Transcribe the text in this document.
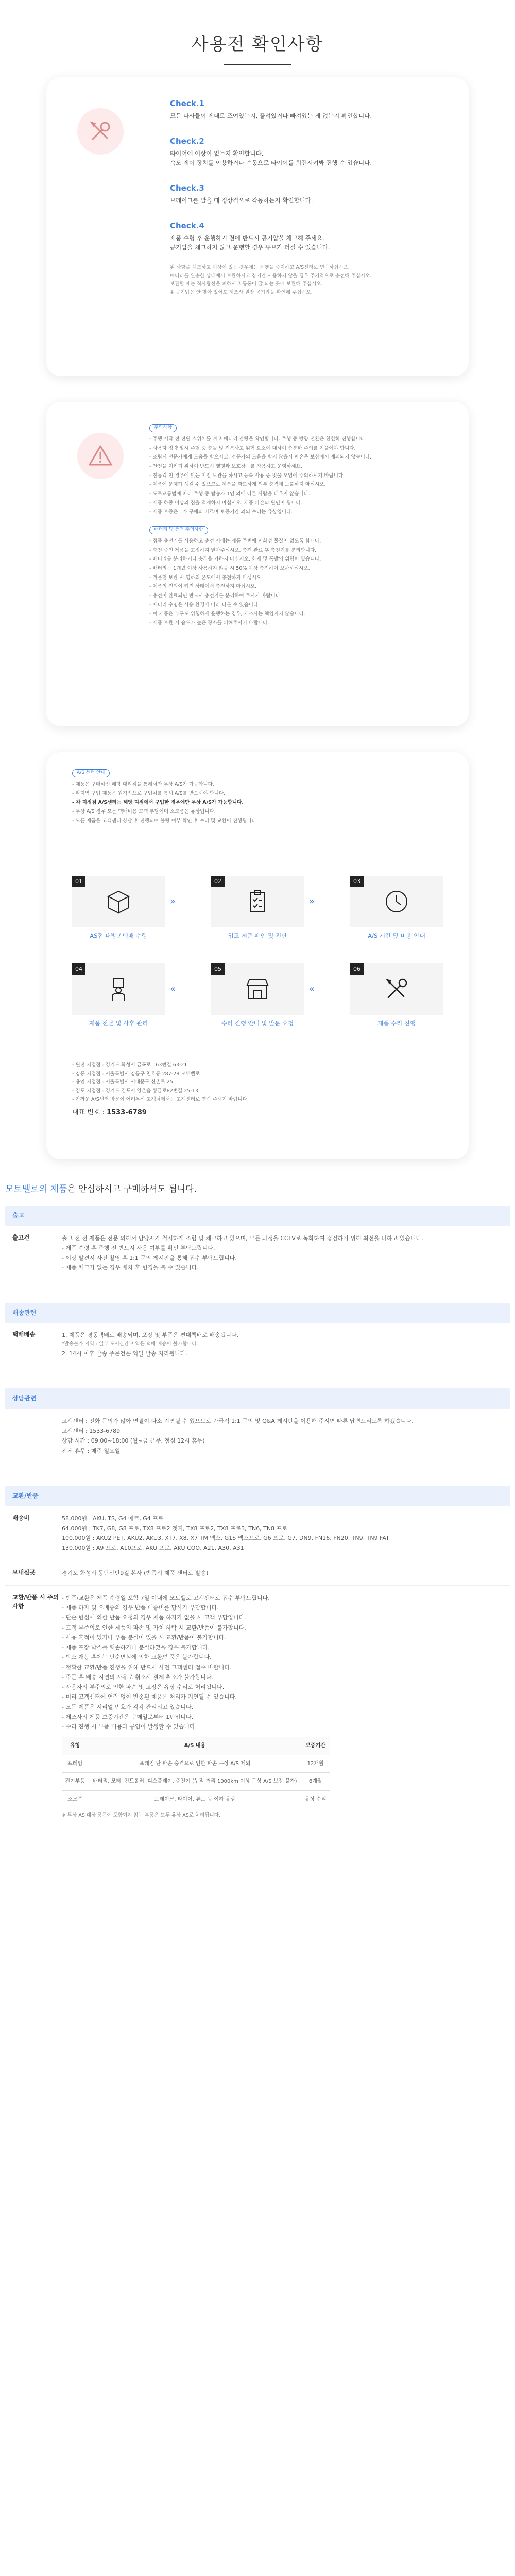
사용전 확인사항
Check.1

모든 나사들이 제대로 조여있는지, 풀려있거나 빠져있는 게 없는지 확인합니다.

Check.2

타이어에 이상이 없는지 확인합니다.
속도 제어 장치를 이용하거나 수동으로 타이어를 회전시켜봐 진행 수 있습니다.

Check.3

브레이크를 발을 때 정상적으로 작동하는지 확인합니다.

Check.4

제품 수령 후 운행하기 전에 반드시 공기압을 체크해 주세요.
공기압을 체크하지 않고 운행할 경우 튜브가 터질 수 있습니다.

위 사항을 체크하고 이상이 있는 경우에는 운행을 중지하고 A/S센터로 연락하십시오.
배터리를 완충한 상태에서 보관하시고 장기간 사용하지 않을 경우 주기적으로 충전해 주십시오.
보관할 때는 직사광선을 피하시고 통풍이 잘 되는 곳에 보관해 주십시오.
※ 공기압은 안 맞아 있어도 제조사 권장 공기압을 확인해 주십시오.
주의사항
- 주행 시작 전 전원 스위치를 켜고 배터리 잔량을 확인합니다. 주행 중 방향 전환은 천천히 진행합니다.
- 사용자 정량 일시 주행 중 충돌 및 전복사고 위험 요소에 대하여 충분한 주의를 기울여야 합니다.
- 조립시 전문가에게 도움을 받으시고, 전문가의 도움을 받지 않을시 파손은 보상에서 제외되지 않습니다.
- 안전을 지키기 위하여 반드시 헬멧과 보호장구를 착용하고 운행하세요.
- 전동킥 인 경우에 맞는 지점 보관을 하시고 등속 사용 중 빗물 오염에 주의하시기 바랍니다.
- 제품에 문제가 생길 수 있으므로 제품을 과도하게 외부 충격에 노출하지 마십시오.
- 도로교통법에 따라 주행 중 탑승자 1인 외에 다른 사람을 태우지 않습니다.
- 제품 하중 이상의 짐을 적재하지 마십시오. 제품 파손의 원인이 됩니다.
- 제품 보증은 1가 구매의 따르며 보증기간 외의 수리는 유상입니다.
배터리 및 충전 주의사항
- 정품 충전기를 사용하고 충전 시에는 제품 주변에 인화성 물질이 없도록 합니다.
- 충전 중인 제품을 고정하지 말아주십시오. 충전 완료 후 충전기를 분리합니다.
- 배터리를 분리하거나 충격을 가하지 마십시오. 화재 및 폭발의 위험이 있습니다.
- 배터리는 1개월 이상 사용하지 않을 시 50% 이상 충전하여 보관하십시오.
- 겨울철 보관 시 영하의 온도에서 충전하지 마십시오.
- 제품의 전원이 켜진 상태에서 충전하지 마십시오.
- 충전이 완료되면 반드시 충전기를 분리하여 주시기 바랍니다.
- 배터리 수명은 사용 환경에 따라 다를 수 있습니다.
- 이 제품은 누구도 위험하게 운행하는 경우, 제조사는 책임지지 않습니다.
- 제품 보관 시 습도가 높은 장소를 피해주시기 바랍니다.
A/S 센터 안내
- 제품은 구매하신 해당 대리점을 통해서만 무상 A/S가 가능합니다.
- 타지역 구입 제품은 원칙적으로 구입처를 통해 A/S를 받으셔야 합니다.
- 각 지정점 A/S센터는 해당 지점에서 구입한 경우에만 무상 A/S가 가능합니다.
- 무상 A/S 경우 모든 택배비용 고객 부담이며 소모품은 유상입니다.
- 모든 제품은 고객센터 상담 후 진행되며 불량 여부 확인 후 수리 및 교환이 진행됩니다.
01
AS접 내방 / 택배 수령
»
02
입고 제품 확인 및 진단
»
03
A/S 시간 및 비용 안내
04
제품 전달 및 사후 관리
«
05
수리 진행 안내 및 발문 요청
«
06
제품 수리 진행
- 원전 지정점 : 경기도 화성시 금곡로 163번길 63-21
- 강동 지정점 : 서울특별시 강동구 천호동 287-28 모토벨로
- 용인 지정점 : 서울특별시 서대문구 신촌로 25
- 김포 지정점 : 경기도 김포시 양촌읍 황금로82번길 25-13
- 가까운 A/S센터 방문이 어려우신 고객님께서는 고객센터로 연락 주시기 바랍니다.
대표 번호 : 1533-6789
모토벨로의 제품은 안심하시고 구매하셔도 됩니다.
출고
출고건	출고 전 전 제품은 전문 의해서 담당자가 철저하게 조립 및 체크하고 있으며, 모든 과정을 CCTV로 녹화하여 점검하기 위해 최선을 다하고 있습니다.
- 제품 수령 후 주행 전 반드시 사용 여부를 확인 부탁드립니다.
- 이상 발견시 사진 촬영 후 1:1 문의 게시판을 통해 접수 부탁드립니다.
- 제품 체크가 없는 경우 배차 후 변경을 불 수 있습니다.
배송관련
택배배송	1. 제품은 경동택배로 배송되며, 포장 및 부품은 편대책배로 배송됩니다.
*발송불가 지역 : 일부 도서산간 지역은 택배 배송이 불가합니다.
2. 14시 이후 발송 주문건은 익일 발송 처리됩니다.
상담관련
고객센터 : 전화 문의가 많아 연결이 다소 지연될 수 있으므로 가급적 1:1 문의 및 Q&A 게시판을 이용해 주시면 빠른 답변드리도록 하겠습니다.
고객센터 : 1533-6789
상담 시간 : 09:00~18:00 (월~금 근무, 점심 12시 휴무)
전체 휴무 : 매주 일요일
교환/반품
배송비	58,000원 : AKU, TS, G4 에코, G4 프로
64,000원 : TK7, G8, G8 프로, TX8 프로2 엣지, TX8 프로2, TX8 프로3, TN6, TN8 프로
100,000원 : AKU2 PET, AKU2, AKU3, XT7, X8, X7 TM 엑스, G1S 엑스프로, G6 프로, G7, DN9, FN16, FN20, TN9, TN9 FAT
130,000원 : A9 프로, A10프로, AKU 프로, AKU COO, A21, A30, A31
보내실곳	경기도 화성시 동탄산단9길 본사 (반품시 제품 센터로 발송)
교환/반품 시 주의 사항
- 반품/교환은 제품 수령일 포함 7일 이내에 모토벨로 고객센터로 접수 부탁드립니다.
- 제품 하자 및 오배송의 경우 반품 배송비를 당사가 부담합니다.
- 단순 변심에 의한 반품 요청의 경우 제품 하자가 없을 시 고객 부담입니다.
- 고객 부주의로 인한 제품의 파손 및 가치 하락 시 교환/반품이 불가합니다.
- 사용 흔적이 있거나 부품 분실이 있을 시 교환/반품이 불가합니다.
- 제품 포장 박스를 훼손하거나 분실하였을 경우 불가합니다.
- 박스 개봉 후에는 단순변심에 의한 교환/반품은 불가합니다.
- 정확한 교환/반품 진행을 위해 반드시 사전 고객센터 접수 바랍니다.
- 주문 후 배송 지연의 사유로 취소시 결제 취소가 불가합니다.
- 사용자의 부주의로 인한 파손 및 고장은 유상 수리로 처리됩니다.
- 미리 고객센터에 연락 없이 반송된 제품은 처리가 지연될 수 있습니다.
- 모든 제품은 시리얼 번호가 각각 관리되고 있습니다.
- 제조사의 제품 보증기간은 구매일로부터 1년입니다.
- 수리 진행 시 부품 비용과 공임이 발생할 수 있습니다.
유형	A/S 내용	보증기간
프레임	프레임 단 파손 충격으로 인한 파손 무상 A/S 제외	12개월
전기부품	배터리, 모터, 컨트롤러, 디스플레이, 충전기 (누적 거리 1000km 이상 무상 A/S 보장 불가)	6개월
소모품	브레이크, 타이어, 튜브 등 이하 유상	유상 수리
※ 무상 AS 대상 품목에 포함되지 않는 부품은 모두 유상 AS로 처리됩니다.
